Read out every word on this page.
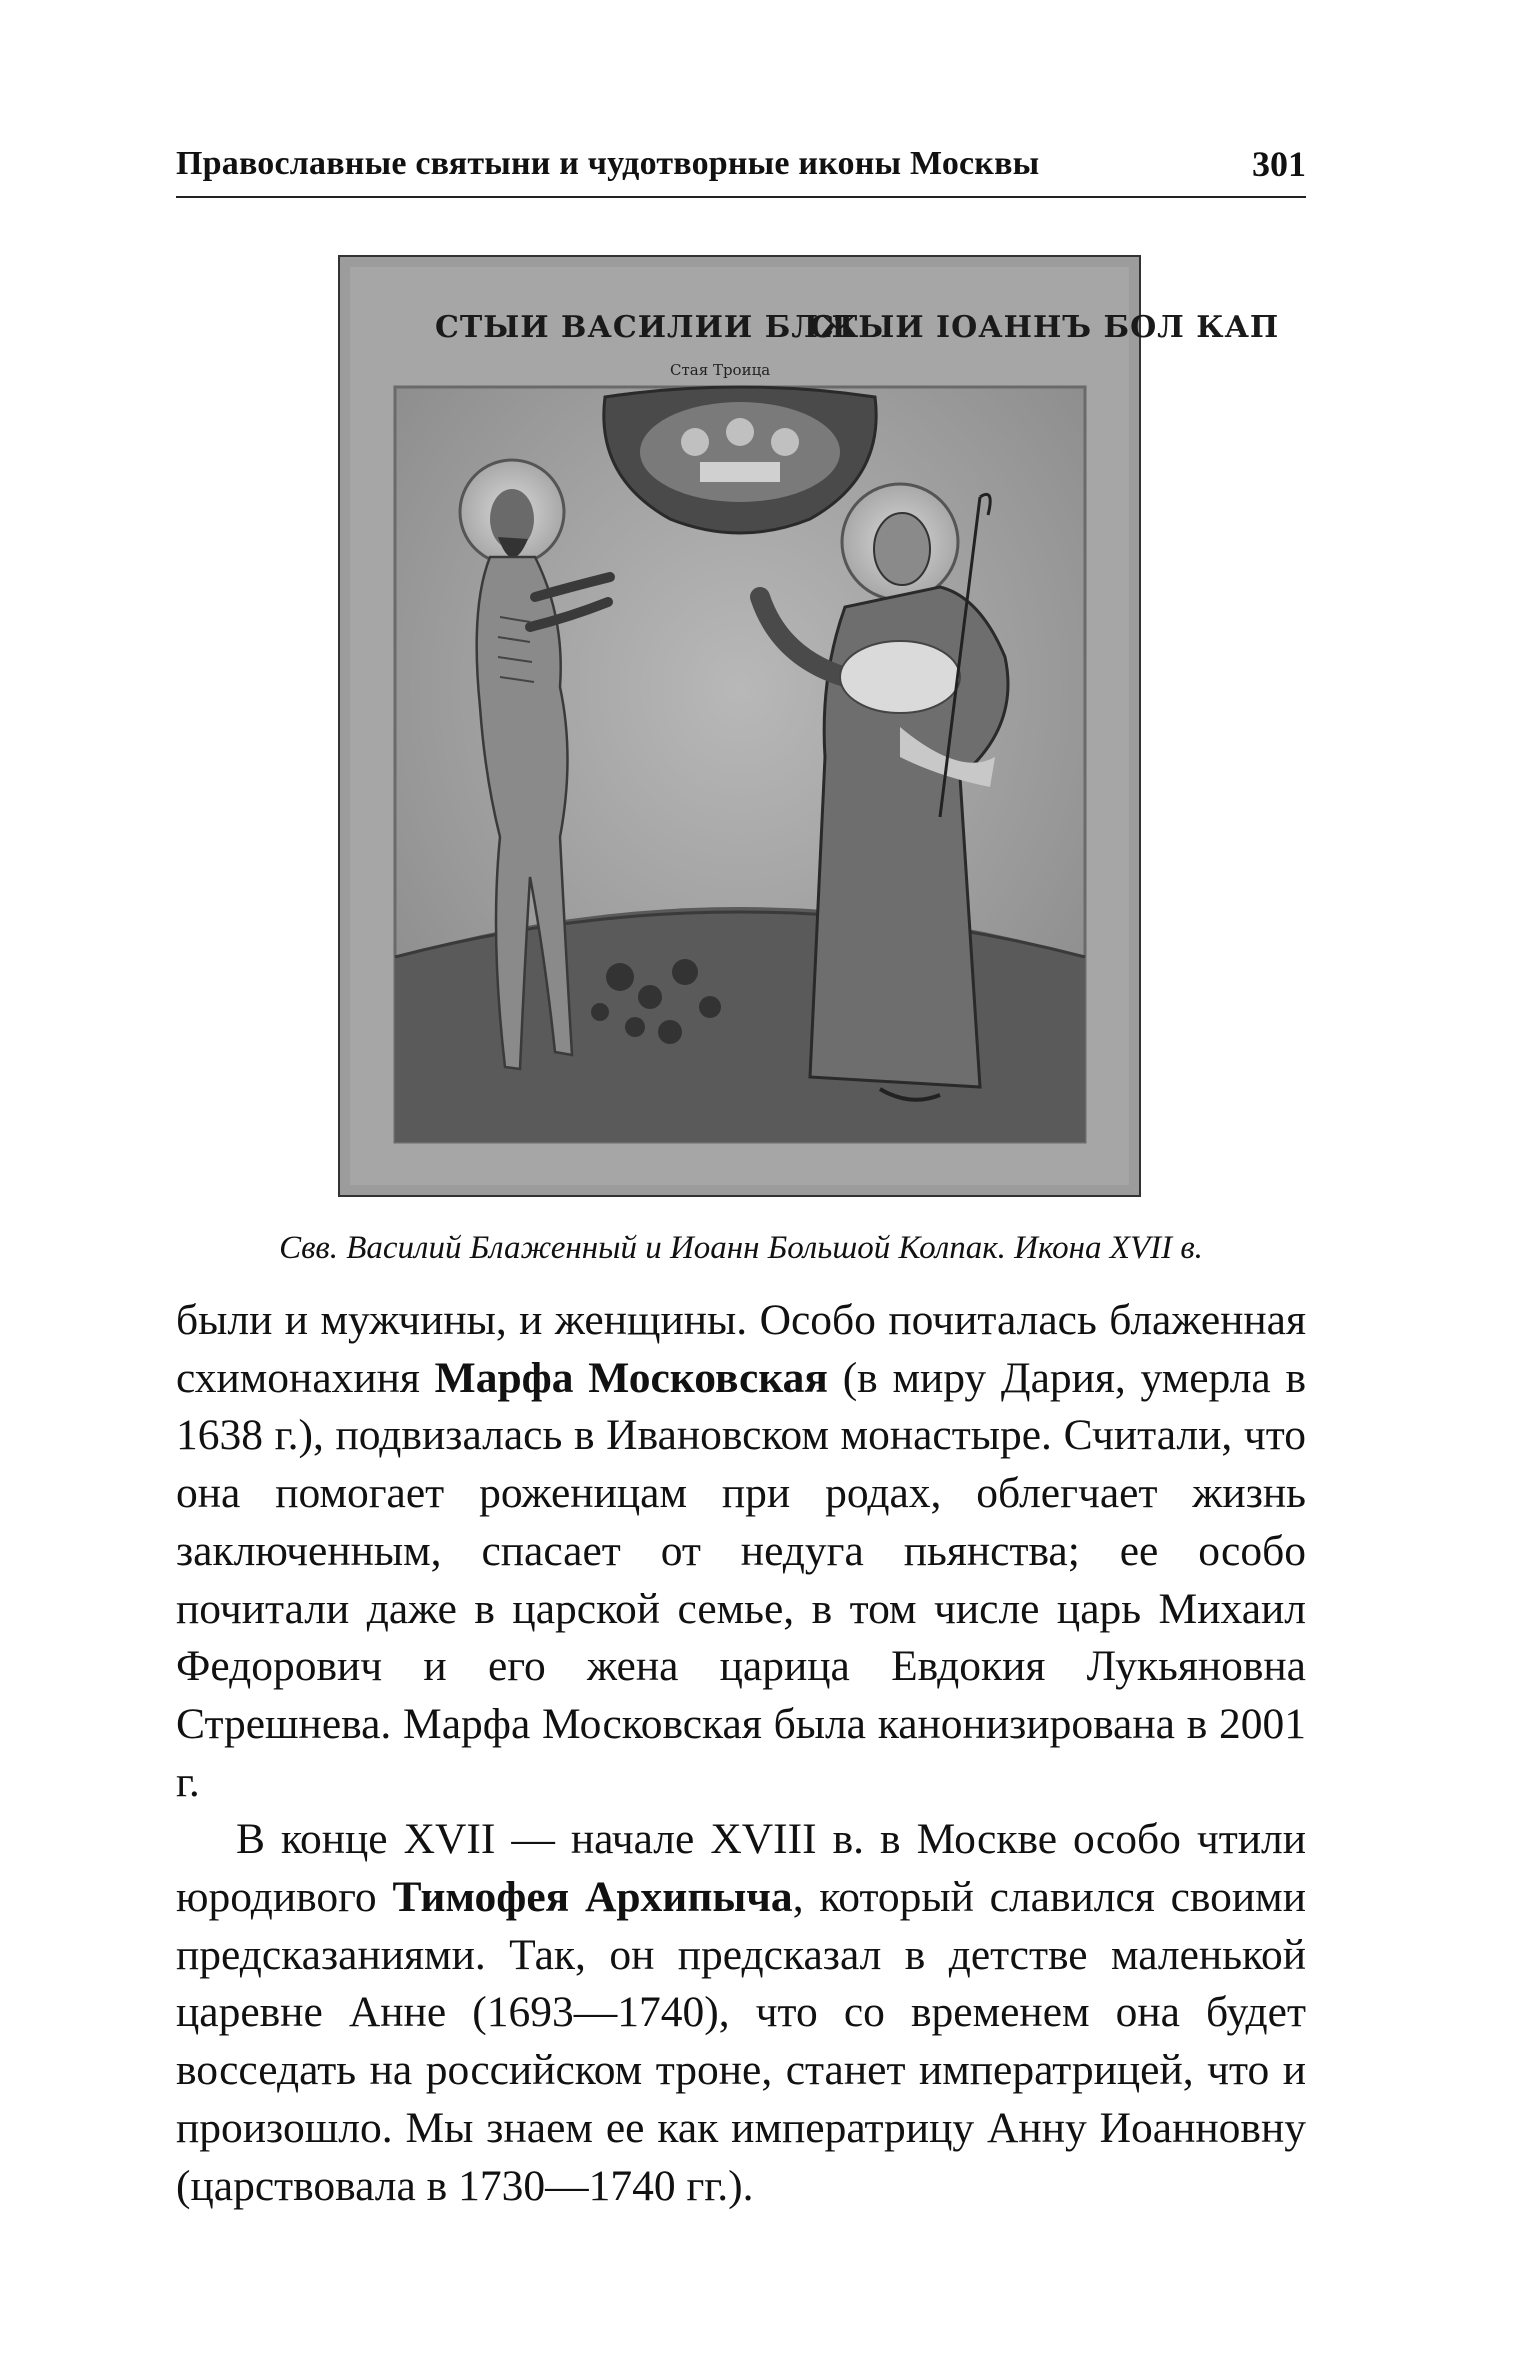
Православные святыни и чудотворные иконы Москвы	301
СТЫИ ВАСИЛИИ БЛЖ
СТЫИ ІОАННЪ БОЛ КАП
Стая Троица
Свв. Василий Блаженный и Иоанн Большой Колпак. Икона XVII в.

были и мужчины, и женщины. Особо почиталась блаженная схимонахиня Марфа Московская (в миру Дария, умерла в 1638 г.), подвизалась в Ивановском монастыре. Считали, что она помогает роженицам при родах, облегчает жизнь заключенным, спасает от недуга пьянства; ее особо почитали даже в царской семье, в том числе царь Михаил Федорович и его жена царица Евдокия Лукьяновна Стрешнева. Марфа Московская была канонизирована в 2001 г.

В конце XVII — начале XVIII в. в Москве особо чтили юродивого Тимофея Архипыча, который славился своими предсказаниями. Так, он предсказал в детстве маленькой царевне Анне (1693—1740), что со временем она будет восседать на российском троне, станет императрицей, что и произошло. Мы знаем ее как императрицу Анну Иоанновну (царствовала в 1730—1740 гг.).
